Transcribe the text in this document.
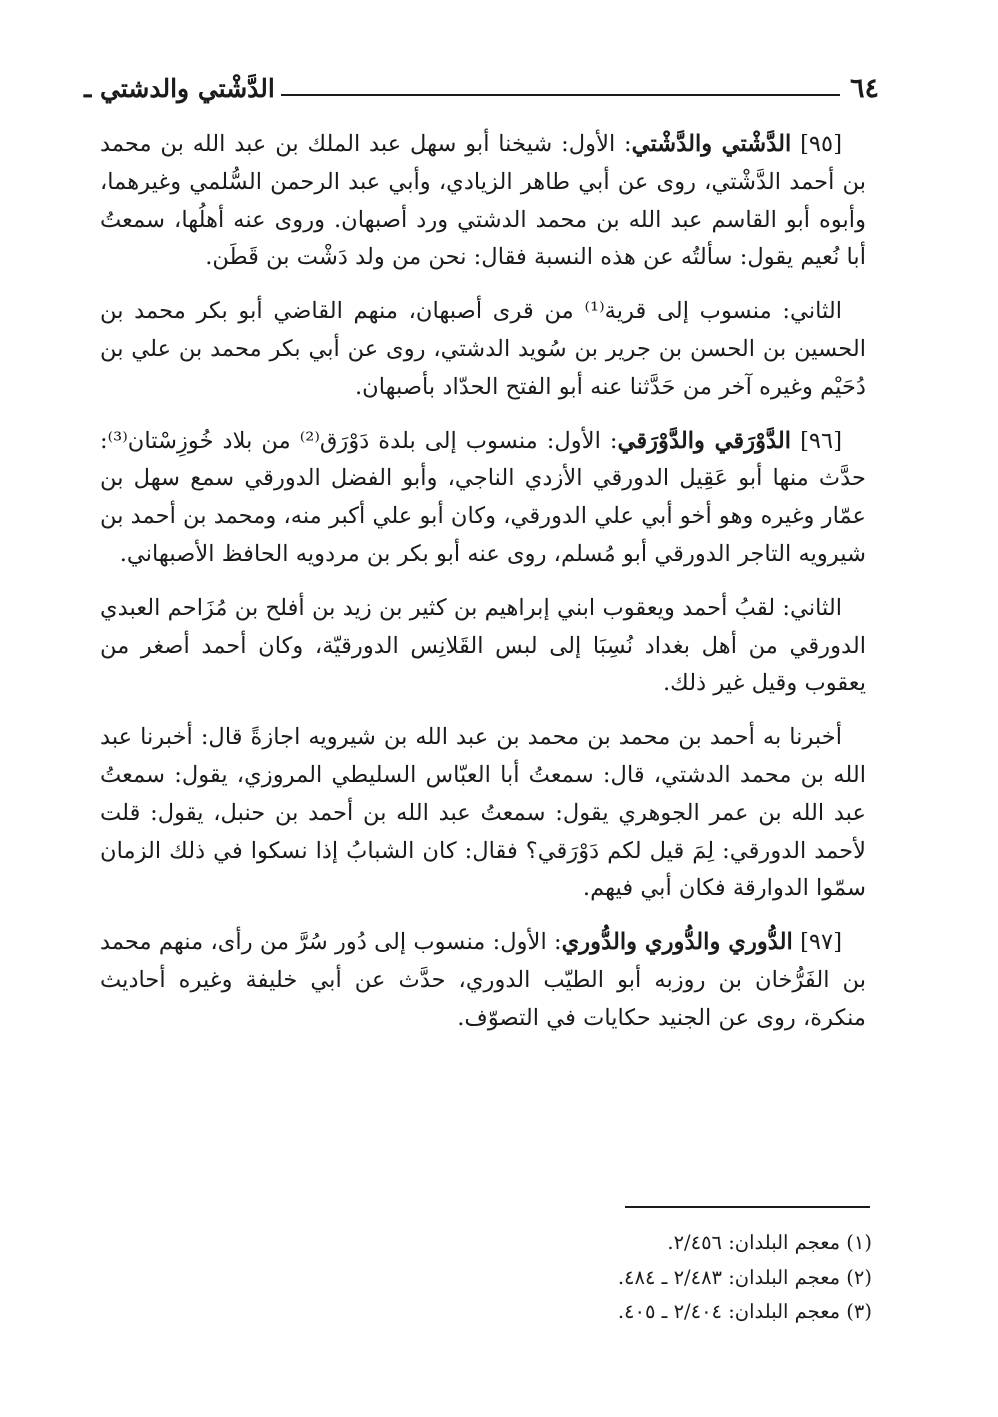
٦٤
الدَّشْتي والدشتي ـ

[٩٥] الدَّشْتي والدَّشْتي: الأول: شيخنا أبو سهل عبد الملك بن عبد الله بن محمد بن أحمد الدَّشْتي، روى عن أبي طاهر الزيادي، وأبي عبد الرحمن السُّلمي وغيرهما، وأبوه أبو القاسم عبد الله بن محمد الدشتي ورد أصبهان. وروى عنه أهلُها، سمعتُ أبا نُعيم يقول: سألتُه عن هذه النسبة فقال: نحن من ولد دَشْت بن قَطَن.

الثاني: منسوب إلى قرية⁽¹⁾ من قرى أصبهان، منهم القاضي أبو بكر محمد بن الحسين بن الحسن بن جرير بن سُويد الدشتي، روى عن أبي بكر محمد بن علي بن دُحَيْم وغيره آخر من حَدَّثنا عنه أبو الفتح الحدّاد بأصبهان.

[٩٦] الدَّوْرَقي والدَّوْرَقي: الأول: منسوب إلى بلدة دَوْرَق⁽²⁾ من بلاد خُوزِسْتان⁽³⁾: حدَّث منها أبو عَقِيل الدورقي الأزدي الناجي، وأبو الفضل الدورقي سمع سهل بن عمّار وغيره وهو أخو أبي علي الدورقي، وكان أبو علي أكبر منه، ومحمد بن أحمد بن شيرويه التاجر الدورقي أبو مُسلم، روى عنه أبو بكر بن مردويه الحافظ الأصبهاني.

الثاني: لقبُ أحمد ويعقوب ابني إبراهيم بن كثير بن زيد بن أفلح بن مُزَاحم العبدي الدورقي من أهل بغداد نُسِبَا إلى لبس القَلانِس الدورقيّة، وكان أحمد أصغر من يعقوب وقيل غير ذلك.

أخبرنا به أحمد بن محمد بن محمد بن عبد الله بن شيرويه اجازةً قال: أخبرنا عبد الله بن محمد الدشتي، قال: سمعتُ أبا العبّاس السليطي المروزي، يقول: سمعتُ عبد الله بن عمر الجوهري يقول: سمعتُ عبد الله بن أحمد بن حنبل، يقول: قلت لأحمد الدورقي: لِمَ قيل لكم دَوْرَقي؟ فقال: كان الشبابُ إذا نسكوا في ذلك الزمان سمّوا الدوارقة فكان أبي فيهم.

[٩٧] الدُّوري والدُّوري والدُّوري: الأول: منسوب إلى دُور سُرَّ من رأى، منهم محمد بن الفَرُّخان بن روزبه أبو الطيّب الدوري، حدَّث عن أبي خليفة وغيره أحاديث منكرة، روى عن الجنيد حكايات في التصوّف.

(١) معجم البلدان: ٢/٤٥٦.
(٢) معجم البلدان: ٢/٤٨٣ ـ ٤٨٤.
(٣) معجم البلدان: ٢/٤٠٤ ـ ٤٠٥.
